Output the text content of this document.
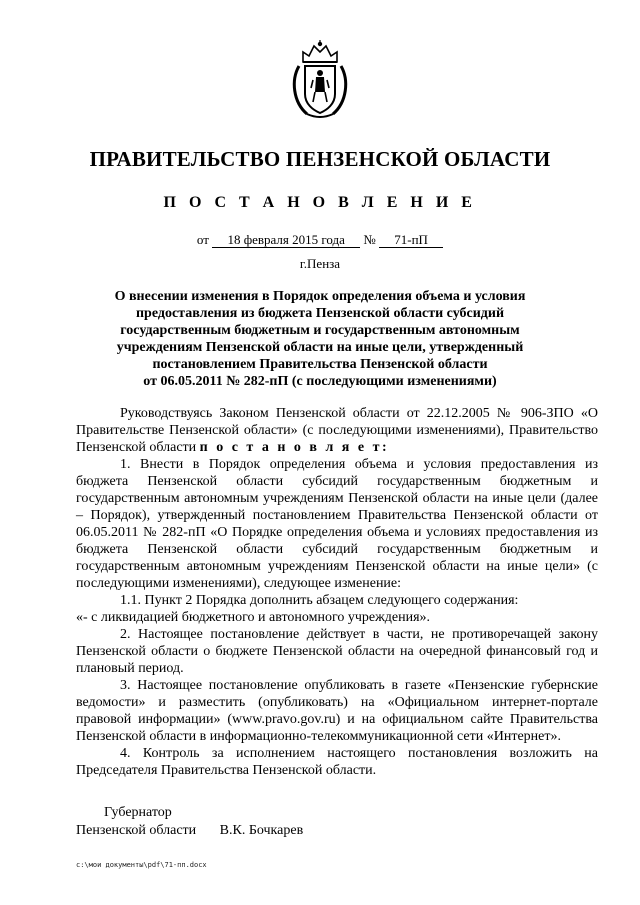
ПРАВИТЕЛЬСТВО ПЕНЗЕНСКОЙ ОБЛАСТИ
П О С Т А Н О В Л Е Н И Е
от 18 февраля 2015 года № 71-пП
г.Пенза
О внесении изменения в Порядок определения объема и условия
предоставления из бюджета Пензенской области субсидий
государственным бюджетным и государственным автономным
учреждениям Пензенской области на иные цели, утвержденный
постановлением Правительства Пензенской области
от 06.05.2011 № 282-пП (с последующими изменениями)

Руководствуясь Законом Пензенской области от 22.12.2005 № 906-ЗПО «О Правительстве Пензенской области» (с последующими изменениями), Правительство Пензенской области п о с т а н о в л я е т:

1. Внести в Порядок определения объема и условия предоставления из бюджета Пензенской области субсидий государственным бюджетным и государственным автономным учреждениям Пензенской области на иные цели (далее – Порядок), утвержденный постановлением Правительства Пензенской области от 06.05.2011 № 282-пП «О Порядке определения объема и условиях предоставления из бюджета Пензенской области субсидий государственным бюджетным и государственным автономным учреждениям Пензенской области на иные цели» (с последующими изменениями), следующее изменение:

1.1. Пункт 2 Порядка дополнить абзацем следующего содержания:

«- с ликвидацией бюджетного и автономного учреждения».

2. Настоящее постановление действует в части, не противоречащей закону Пензенской области о бюджете Пензенской области на очередной финансовый год и плановый период.

3. Настоящее постановление опубликовать в газете «Пензенские губернские ведомости» и разместить (опубликовать) на «Официальном интернет-портале правовой информации» (www.pravo.gov.ru) и на официальном сайте Правительства Пензенской области в информационно-телекоммуникационной сети «Интернет».

4. Контроль за исполнением настоящего постановления возложить на Председателя Правительства Пензенской области.

Губернатор
Пензенской области В.К. Бочкарев
c:\мои документы\pdf\71-пп.docx
